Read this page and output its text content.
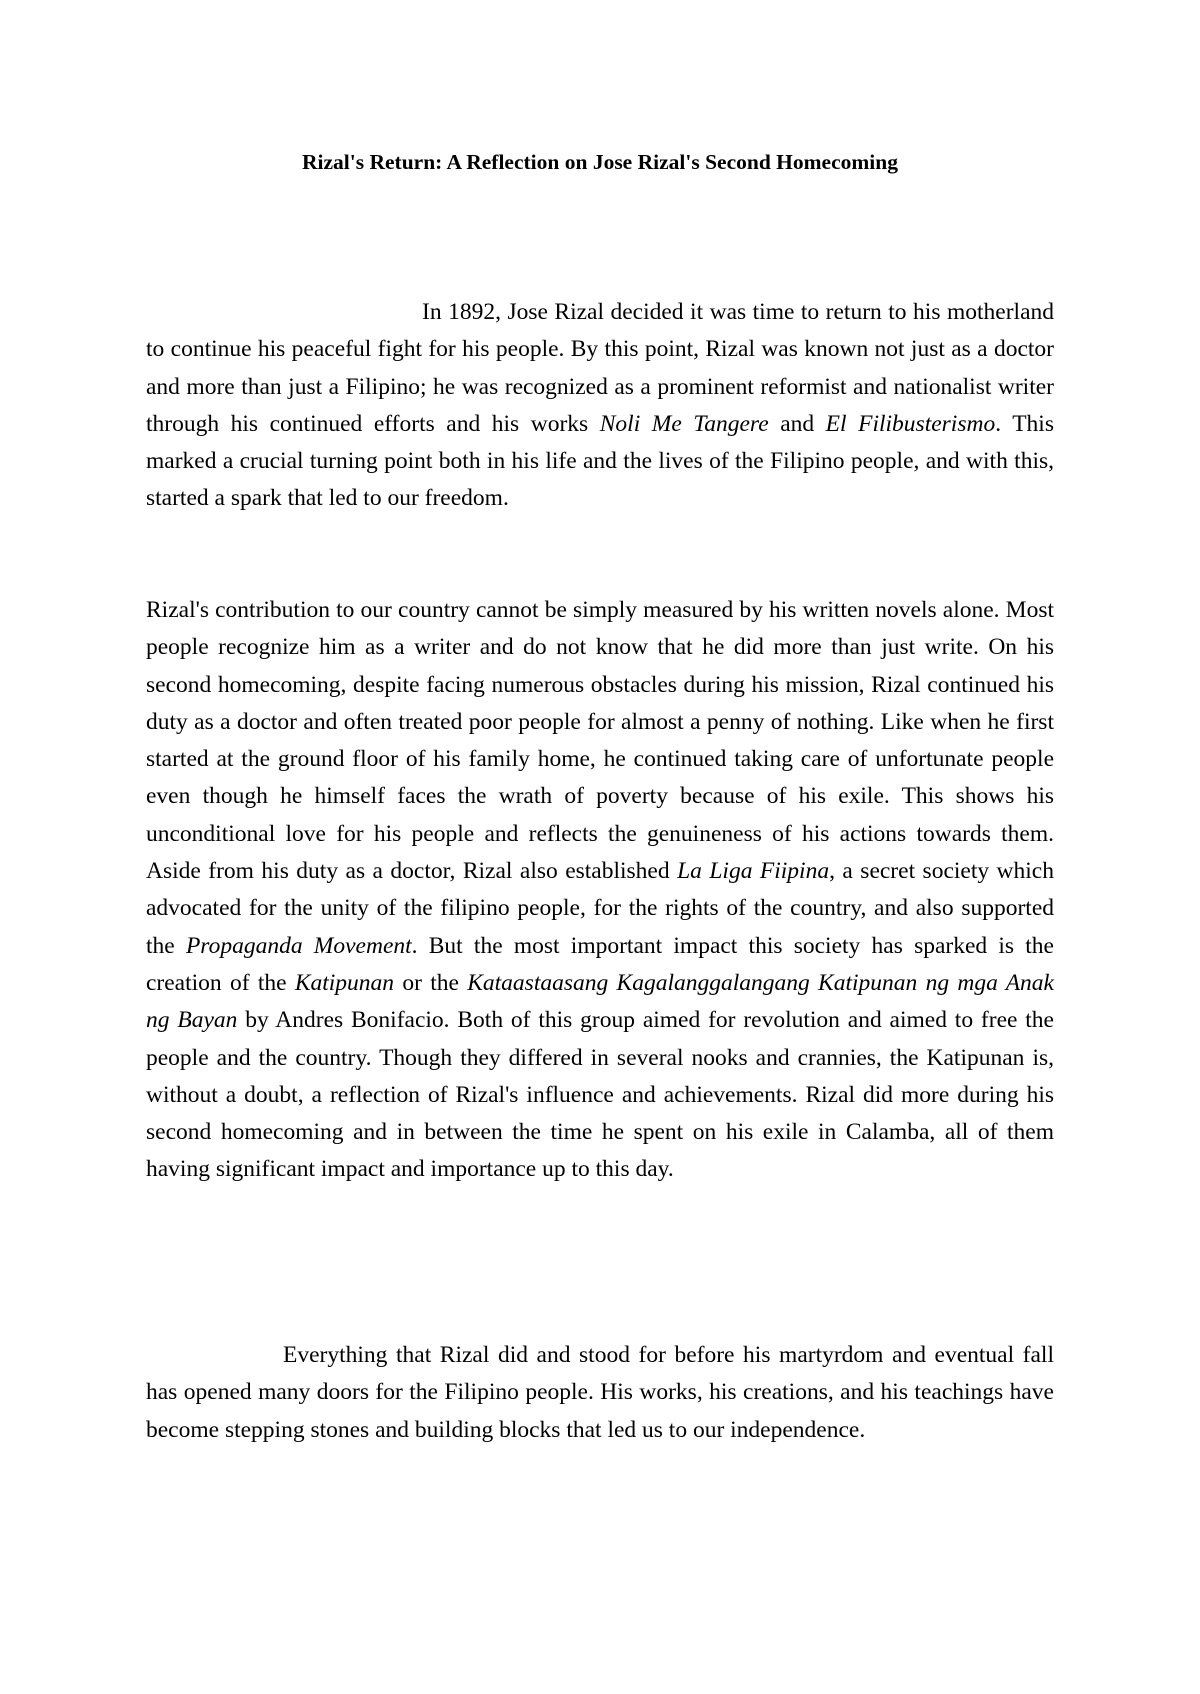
Rizal's Return: A Reflection on Jose Rizal's Second Homecoming

In 1892, Jose Rizal decided it was time to return to his motherland to continue his peaceful fight for his people. By this point, Rizal was known not just as a doctor and more than just a Filipino; he was recognized as a prominent reformist and nationalist writer through his continued efforts and his works Noli Me Tangere and El Filibusterismo. This marked a crucial turning point both in his life and the lives of the Filipino people, and with this, started a spark that led to our freedom.

Rizal's contribution to our country cannot be simply measured by his written novels alone. Most people recognize him as a writer and do not know that he did more than just write. On his second homecoming, despite facing numerous obstacles during his mission, Rizal continued his duty as a doctor and often treated poor people for almost a penny of nothing. Like when he first started at the ground floor of his family home, he continued taking care of unfortunate people even though he himself faces the wrath of poverty because of his exile. This shows his unconditional love for his people and reflects the genuineness of his actions towards them. Aside from his duty as a doctor, Rizal also established La Liga Fiipina, a secret society which advocated for the unity of the filipino people, for the rights of the country, and also supported the Propaganda Movement. But the most important impact this society has sparked is the creation of the Katipunan or the Kataastaasang Kagalanggalangang Katipunan ng mga Anak ng Bayan by Andres Bonifacio. Both of this group aimed for revolution and aimed to free the people and the country. Though they differed in several nooks and crannies, the Katipunan is, without a doubt, a reflection of Rizal's influence and achievements. Rizal did more during his second homecoming and in between the time he spent on his exile in Calamba, all of them having significant impact and importance up to this day.

Everything that Rizal did and stood for before his martyrdom and eventual fall has opened many doors for the Filipino people. His works, his creations, and his teachings have become stepping stones and building blocks that led us to our independence.
